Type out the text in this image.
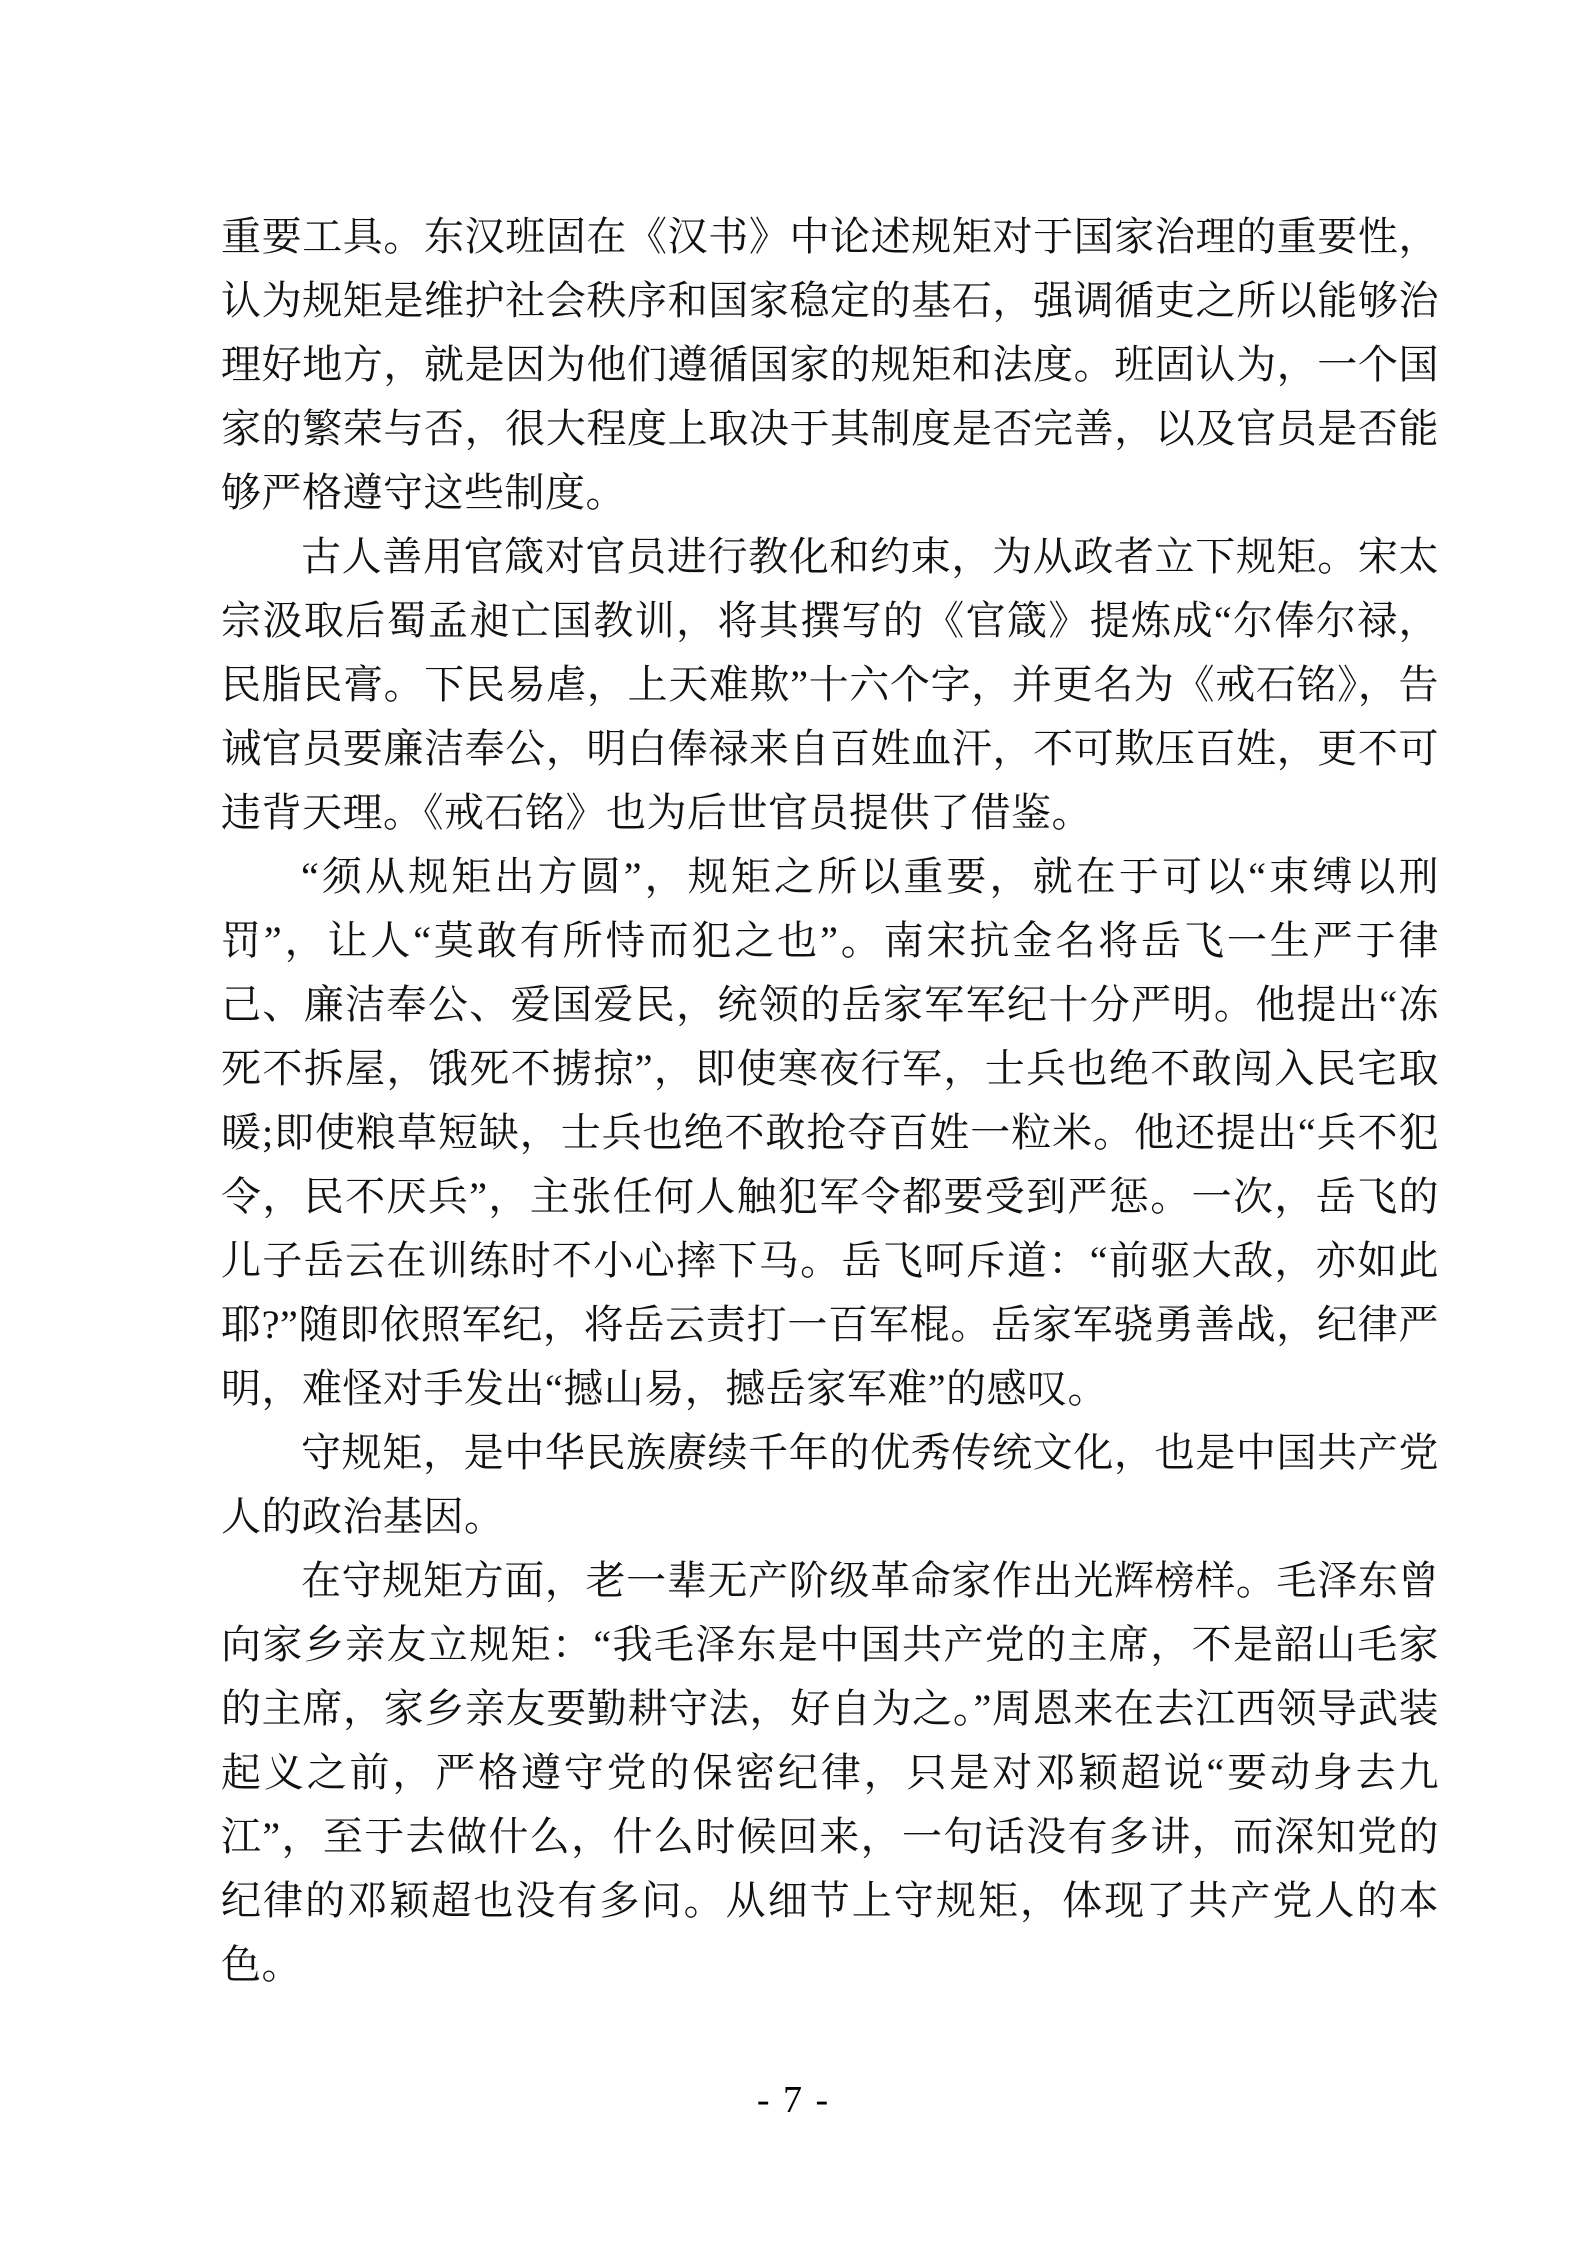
重要工具。东汉班固在《汉书》中论述规矩对于国家治理的重要性，认为规矩是维护社会秩序和国家稳定的基石，强调循吏之所以能够治理好地方，就是因为他们遵循国家的规矩和法度。班固认为，一个国家的繁荣与否，很大程度上取决于其制度是否完善，以及官员是否能够严格遵守这些制度。

古人善用官箴对官员进行教化和约束，为从政者立下规矩。宋太宗汲取后蜀孟昶亡国教训，将其撰写的《官箴》提炼成“尔俸尔禄，民脂民膏。下民易虐，上天难欺”十六个字，并更名为《戒石铭》，告诫官员要廉洁奉公，明白俸禄来自百姓血汗，不可欺压百姓，更不可违背天理。《戒石铭》也为后世官员提供了借鉴。

“须从规矩出方圆”，规矩之所以重要，就在于可以“束缚以刑罚”，让人“莫敢有所恃而犯之也”。南宋抗金名将岳飞一生严于律己、廉洁奉公、爱国爱民，统领的岳家军军纪十分严明。他提出“冻死不拆屋，饿死不掳掠”，即使寒夜行军，士兵也绝不敢闯入民宅取暖;即使粮草短缺，士兵也绝不敢抢夺百姓一粒米。他还提出“兵不犯令，民不厌兵”，主张任何人触犯军令都要受到严惩。一次，岳飞的儿子岳云在训练时不小心摔下马。岳飞呵斥道：“前驱大敌，亦如此耶?”随即依照军纪，将岳云责打一百军棍。岳家军骁勇善战，纪律严明，难怪对手发出“撼山易，撼岳家军难”的感叹。

守规矩，是中华民族赓续千年的优秀传统文化，也是中国共产党人的政治基因。

在守规矩方面，老一辈无产阶级革命家作出光辉榜样。毛泽东曾向家乡亲友立规矩：“我毛泽东是中国共产党的主席，不是韶山毛家的主席，家乡亲友要勤耕守法，好自为之。”周恩来在去江西领导武装起义之前，严格遵守党的保密纪律，只是对邓颖超说“要动身去九江”，至于去做什么，什么时候回来，一句话没有多讲，而深知党的纪律的邓颖超也没有多问。从细节上守规矩，体现了共产党人的本色。

- 7 -
